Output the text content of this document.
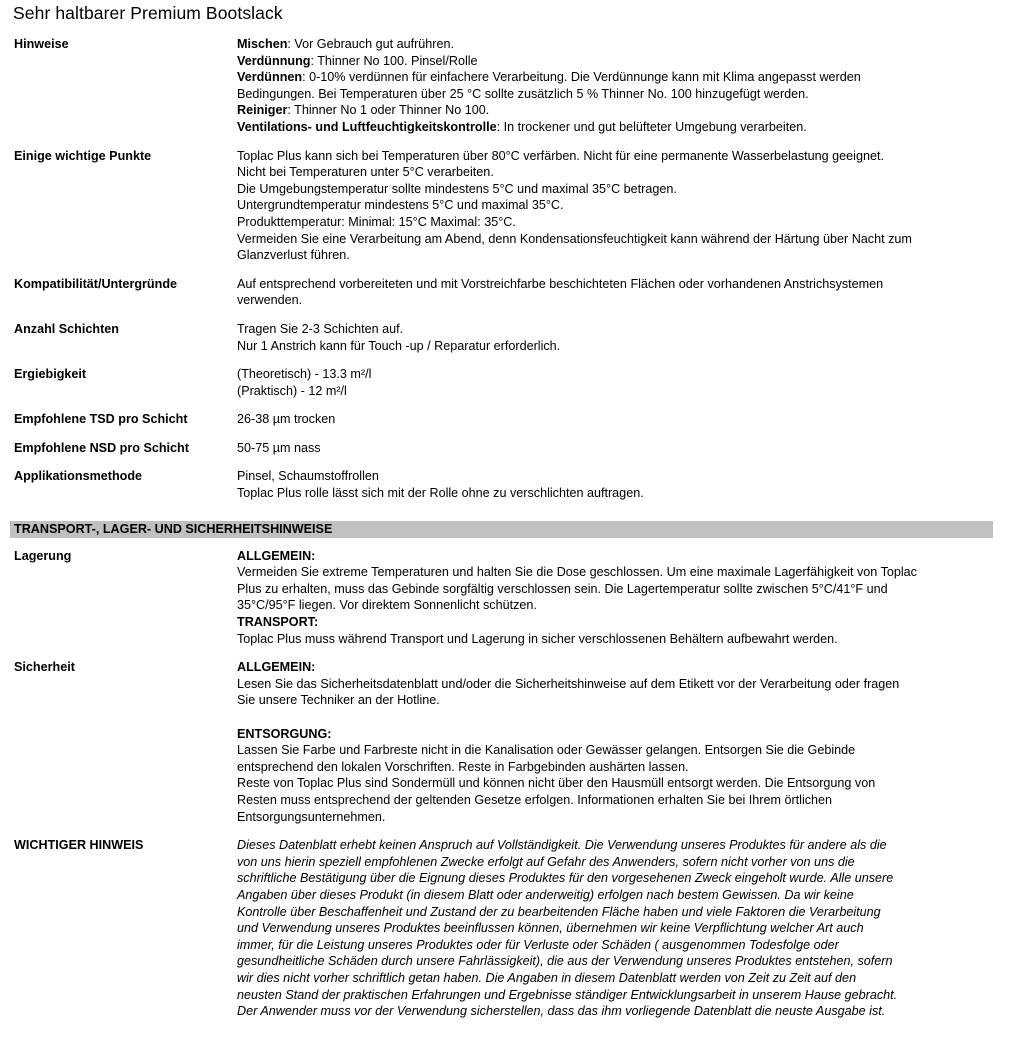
Sehr haltbarer Premium Bootslack
Hinweise	Mischen: Vor Gebrauch gut aufrühren.
Verdünnung: Thinner No 100. Pinsel/Rolle
Verdünnen: 0-10% verdünnen für einfachere Verarbeitung. Die Verdünnunge kann mit Klima angepasst werden
Bedingungen. Bei Temperaturen über 25 °C sollte zusätzlich 5 % Thinner No. 100 hinzugefügt werden.
Reiniger: Thinner No 1 oder Thinner No 100.
Ventilations- und Luftfeuchtigkeitskontrolle: In trockener und gut belüfteter Umgebung verarbeiten.
Einige wichtige Punkte	Toplac Plus kann sich bei Temperaturen über 80°C verfärben. Nicht für eine permanente Wasserbelastung geeignet.
Nicht bei Temperaturen unter 5°C verarbeiten.
Die Umgebungstemperatur sollte mindestens 5°C und maximal 35°C betragen.
Untergrundtemperatur mindestens 5°C und maximal 35°C.
Produkttemperatur: Minimal: 15°C Maximal: 35°C.
Vermeiden Sie eine Verarbeitung am Abend, denn Kondensationsfeuchtigkeit kann während der Härtung über Nacht zum
Glanzverlust führen.
Kompatibilität/Untergründe	Auf entsprechend vorbereiteten und mit Vorstreichfarbe beschichteten Flächen oder vorhandenen Anstrichsystemen
verwenden.
Anzahl Schichten	Tragen Sie 2-3 Schichten auf.
Nur 1 Anstrich kann für Touch -up / Reparatur erforderlich.
Ergiebigkeit	(Theoretisch) - 13.3 m²/l
(Praktisch) - 12 m²/l
Empfohlene TSD pro Schicht	26-38 µm trocken
Empfohlene NSD pro Schicht	50-75 µm nass
Applikationsmethode	Pinsel, Schaumstoffrollen
Toplac Plus rolle lässt sich mit der Rolle ohne zu verschlichten auftragen.
TRANSPORT-, LAGER- UND SICHERHEITSHINWEISE
Lagerung	ALLGEMEIN:
Vermeiden Sie extreme Temperaturen und halten Sie die Dose geschlossen. Um eine maximale Lagerfähigkeit von Toplac
Plus zu erhalten, muss das Gebinde sorgfältig verschlossen sein. Die Lagertemperatur sollte zwischen 5°C/41°F und
35°C/95°F liegen. Vor direktem Sonnenlicht schützen.
TRANSPORT:
Toplac Plus muss während Transport und Lagerung in sicher verschlossenen Behältern aufbewahrt werden.
Sicherheit	ALLGEMEIN:
Lesen Sie das Sicherheitsdatenblatt und/oder die Sicherheitshinweise auf dem Etikett vor der Verarbeitung oder fragen
Sie unsere Techniker an der Hotline.
ENTSORGUNG:
Lassen Sie Farbe und Farbreste nicht in die Kanalisation oder Gewässer gelangen. Entsorgen Sie die Gebinde
entsprechend den lokalen Vorschriften. Reste in Farbgebinden aushärten lassen.
Reste von Toplac Plus sind Sondermüll und können nicht über den Hausmüll entsorgt werden. Die Entsorgung von
Resten muss entsprechend der geltenden Gesetze erfolgen. Informationen erhalten Sie bei Ihrem örtlichen
Entsorgungsunternehmen.
WICHTIGER HINWEIS	Dieses Datenblatt erhebt keinen Anspruch auf Vollständigkeit. Die Verwendung unseres Produktes für andere als die
von uns hierin speziell empfohlenen Zwecke erfolgt auf Gefahr des Anwenders, sofern nicht vorher von uns die
schriftliche Bestätigung über die Eignung dieses Produktes für den vorgesehenen Zweck eingeholt wurde. Alle unsere
Angaben über dieses Produkt (in diesem Blatt oder anderweitig) erfolgen nach bestem Gewissen. Da wir keine
Kontrolle über Beschaffenheit und Zustand der zu bearbeitenden Fläche haben und viele Faktoren die Verarbeitung
und Verwendung unseres Produktes beeinflussen können, übernehmen wir keine Verpflichtung welcher Art auch
immer, für die Leistung unseres Produktes oder für Verluste oder Schäden ( ausgenommen Todesfolge oder
gesundheitliche Schäden durch unsere Fahrlässigkeit), die aus der Verwendung unseres Produktes entstehen, sofern
wir dies nicht vorher schriftlich getan haben. Die Angaben in diesem Datenblatt werden von Zeit zu Zeit auf den
neusten Stand der praktischen Erfahrungen und Ergebnisse ständiger Entwicklungsarbeit in unserem Hause gebracht.
Der Anwender muss vor der Verwendung sicherstellen, dass das ihm vorliegende Datenblatt die neuste Ausgabe ist.
